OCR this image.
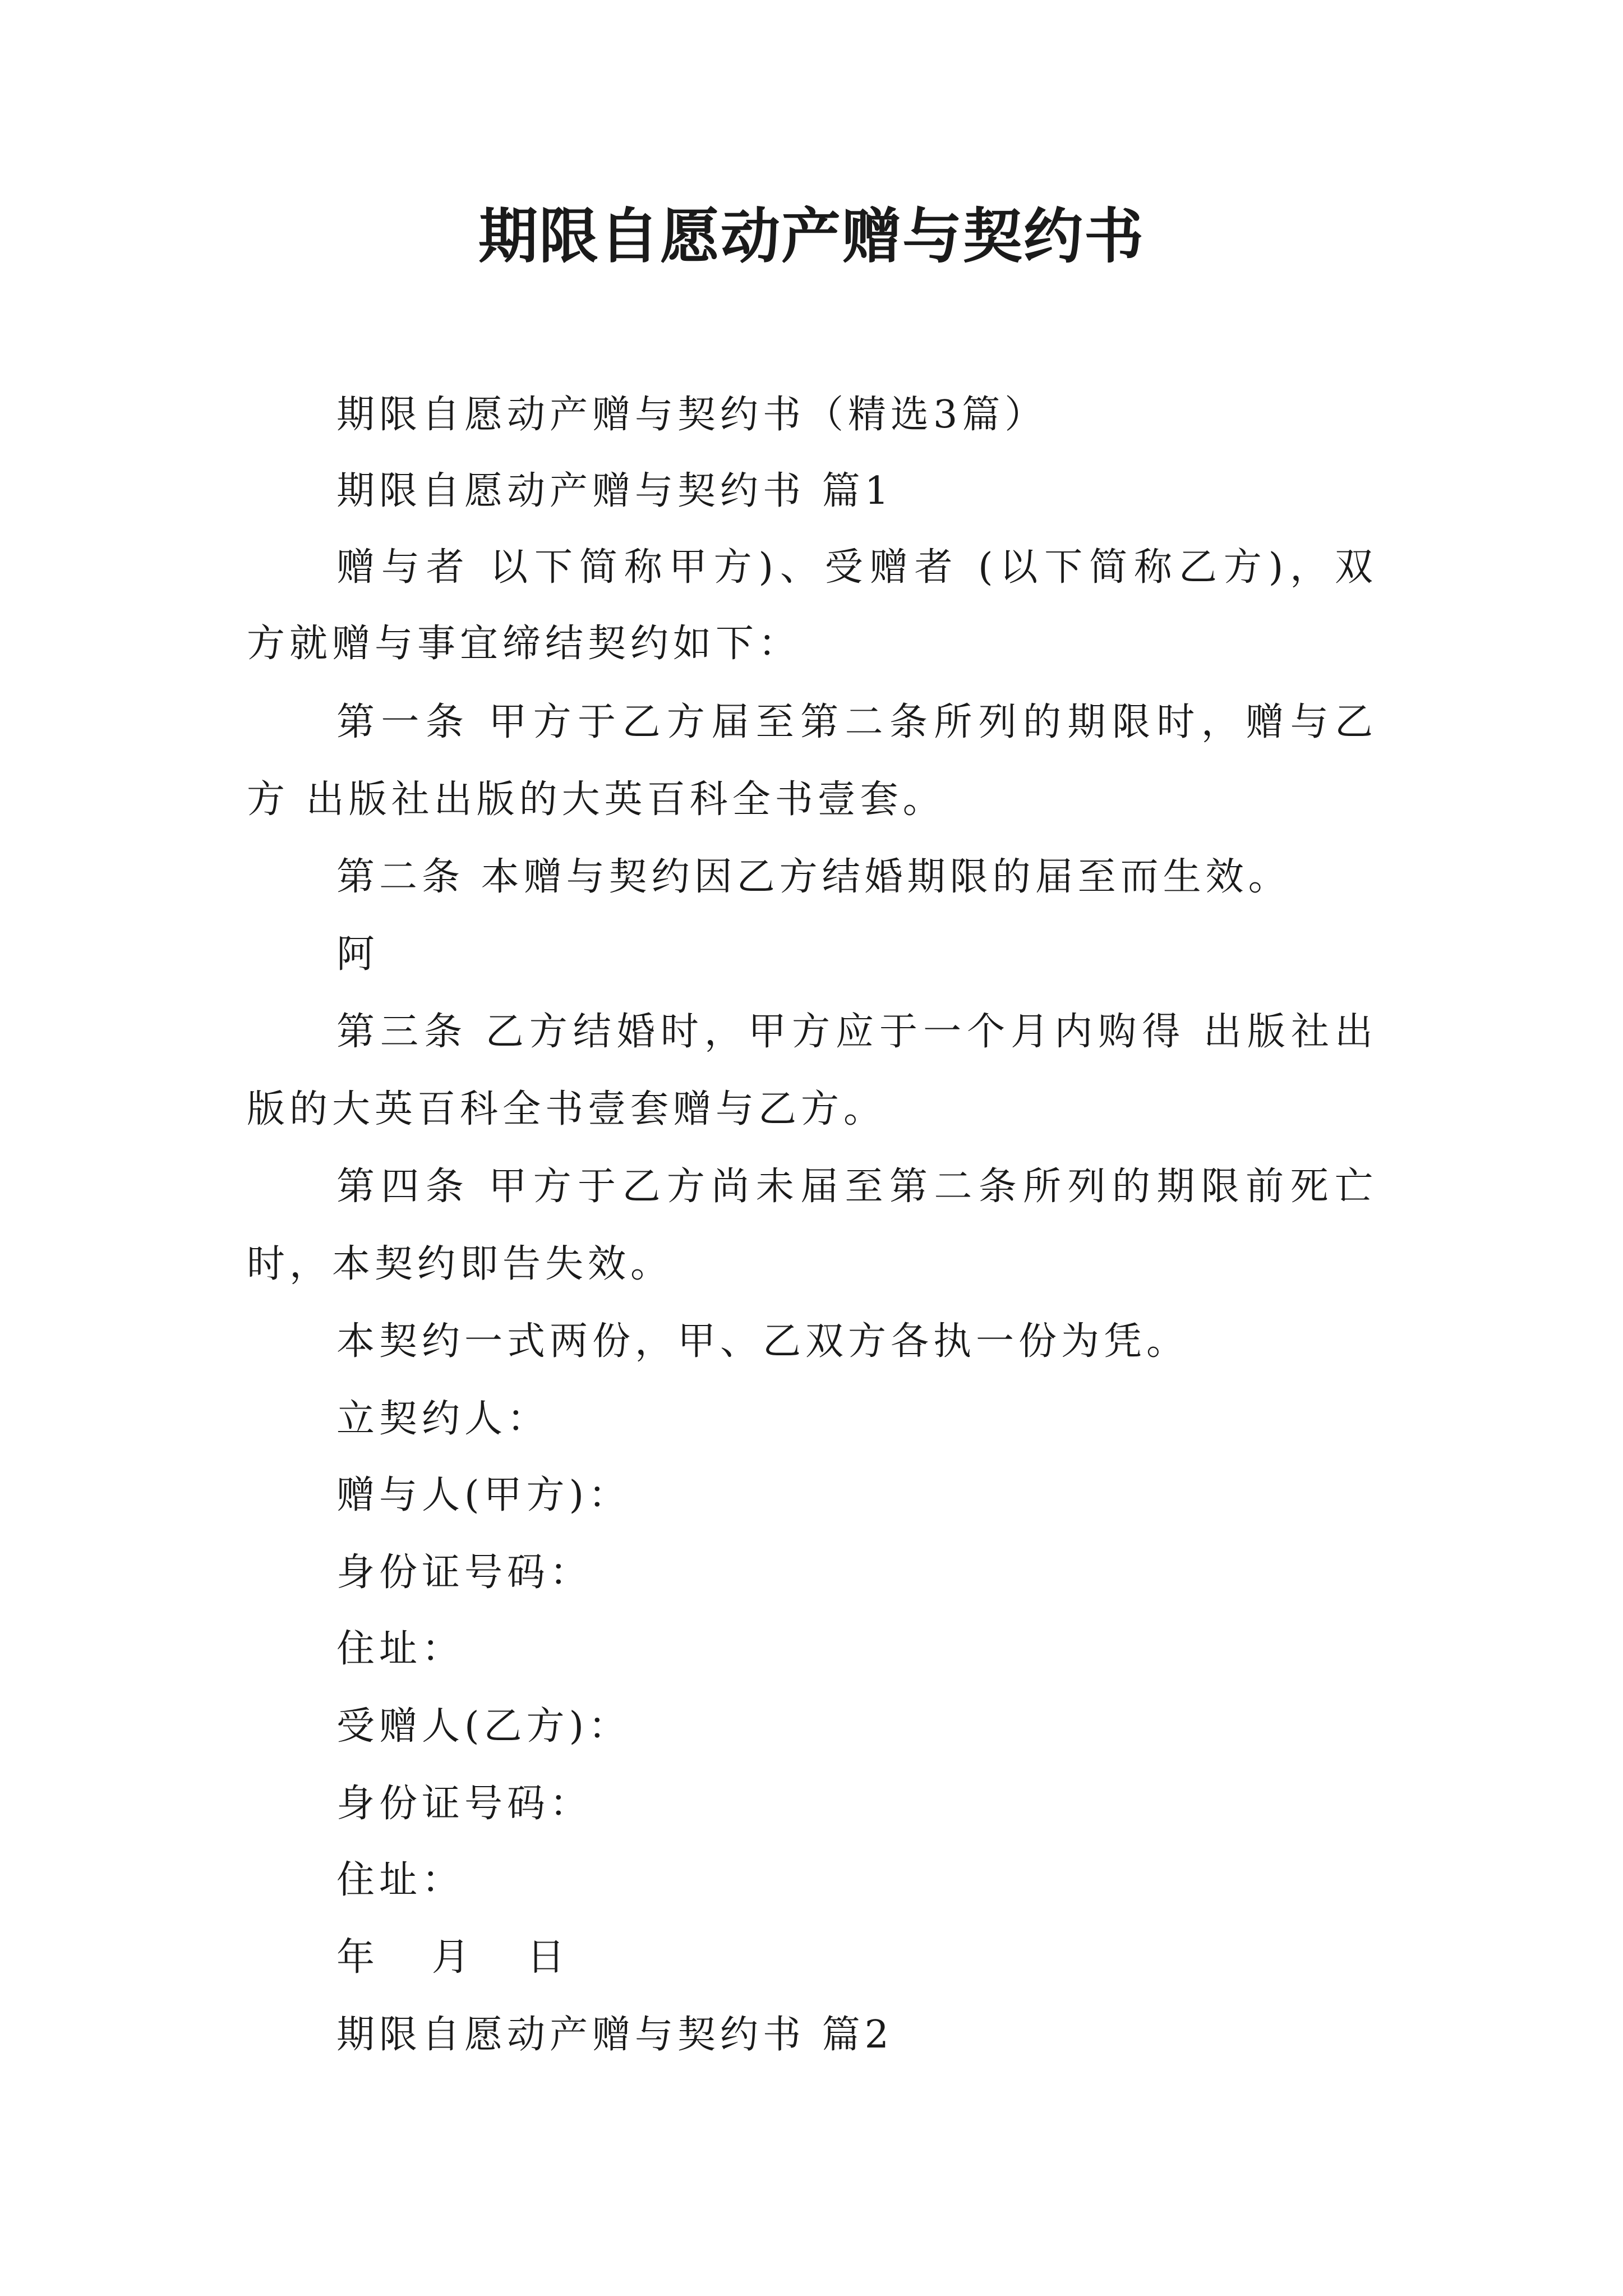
期限自愿动产赠与契约书
期限自愿动产赠与契约书（精选3篇）
期限自愿动产赠与契约书 篇1
赠与者 以下简称甲方)、受赠者 (以下简称乙方)，双
方就赠与事宜缔结契约如下：
第一条 甲方于乙方届至第二条所列的期限时，赠与乙
方 出版社出版的大英百科全书壹套。
第二条 本赠与契约因乙方结婚期限的届至而生效。
阿
第三条 乙方结婚时，甲方应于一个月内购得 出版社出
版的大英百科全书壹套赠与乙方。
第四条 甲方于乙方尚未届至第二条所列的期限前死亡
时，本契约即告失效。
本契约一式两份，甲、乙双方各执一份为凭。
立契约人：
赠与人(甲方)：
身份证号码：
住址：
受赠人(乙方)：
身份证号码：
住址：
年 月 日
期限自愿动产赠与契约书 篇2
